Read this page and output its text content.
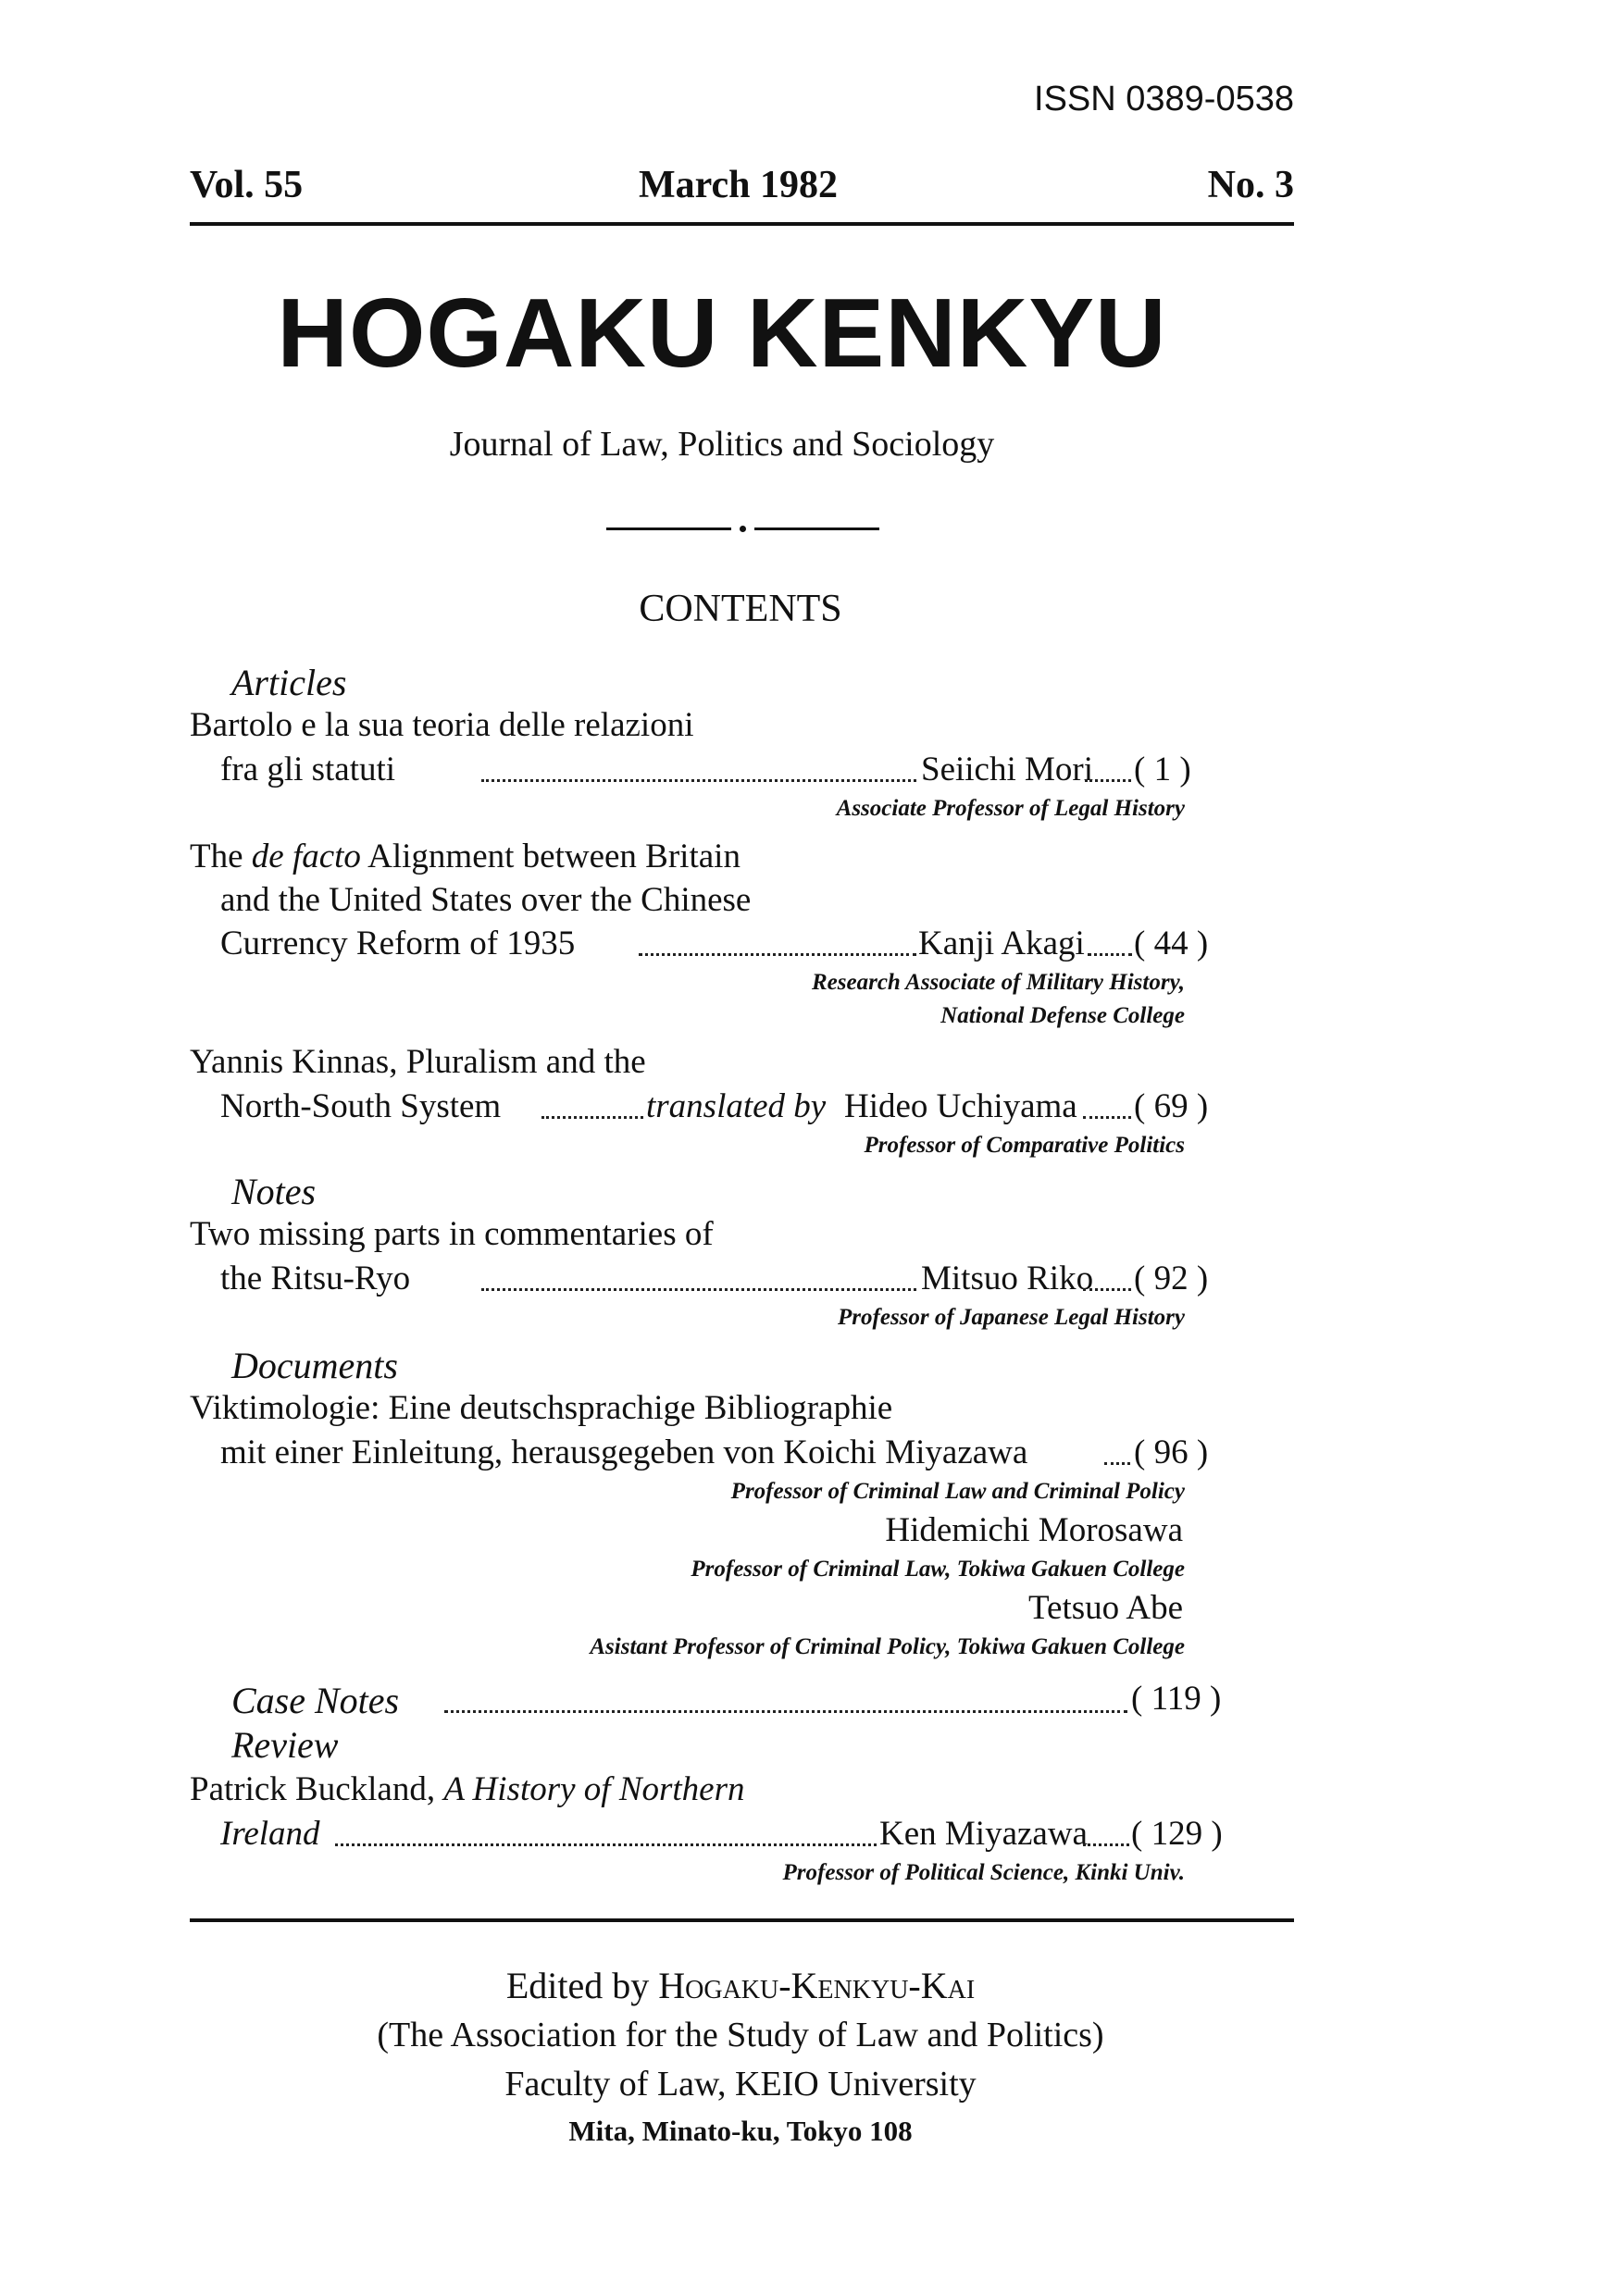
ISSN 0389-0538
Vol. 55	March 1982	No. 3
HOGAKU KENKYU
Journal of Law, Politics and Sociology
CONTENTS
Articles
Bartolo e la sua teoria delle relazioni
fra gli statuti	Seiichi Mori ( 1 )
Associate Professor of Legal History
The de facto Alignment between Britain
and the United States over the Chinese
Currency Reform of 1935	Kanji Akagi ( 44 )
Research Associate of Military History,
National Defense College
Yannis Kinnas, Pluralism and the
North-South System	translated by Hideo Uchiyama ( 69 )
Professor of Comparative Politics
Notes
Two missing parts in commentaries of
the Ritsu-Ryo	Mitsuo Riko ( 92 )
Professor of Japanese Legal History
Documents
Viktimologie: Eine deutschsprachige Bibliographie
mit einer Einleitung, herausgegeben von Koichi Miyazawa	( 96 )
Professor of Criminal Law and Criminal Policy
Hidemichi Morosawa
Professor of Criminal Law, Tokiwa Gakuen College
Tetsuo Abe
Asistant Professor of Criminal Policy, Tokiwa Gakuen College
Case Notes	( 119 )
Review
Patrick Buckland, A History of Northern
Ireland	Ken Miyazawa ( 129 )
Professor of Political Science, Kinki Univ.
Edited by Hogaku-Kenkyu-Kai
(The Association for the Study of Law and Politics)
Faculty of Law, KEIO University
Mita, Minato-ku, Tokyo 108
